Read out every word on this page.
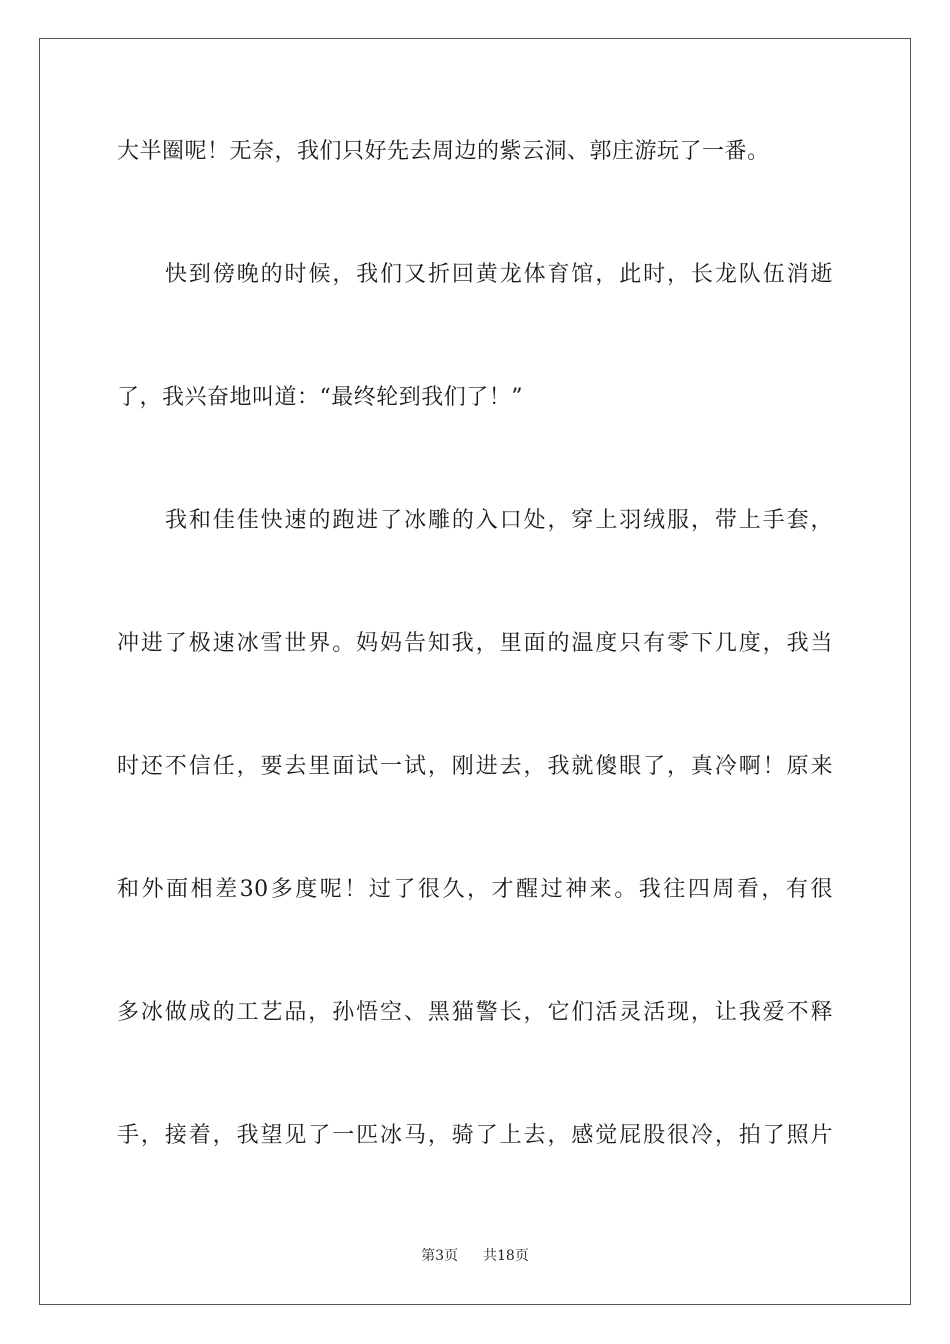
大半圈呢！无奈，我们只好先去周边的紫云洞、郭庄游玩了一番。
快到傍晚的时候，我们又折回黄龙体育馆，此时，长龙队伍消逝
了，我兴奋地叫道：“最终轮到我们了！”
我和佳佳快速的跑进了冰雕的入口处，穿上羽绒服，带上手套，
冲进了极速冰雪世界。妈妈告知我，里面的温度只有零下几度，我当
时还不信任，要去里面试一试，刚进去，我就傻眼了，真冷啊！原来
和外面相差30多度呢！过了很久，才醒过神来。我往四周看，有很
多冰做成的工艺品，孙悟空、黑猫警长，它们活灵活现，让我爱不释
手，接着，我望见了一匹冰马，骑了上去，感觉屁股很冷，拍了照片
第3页 共18页
